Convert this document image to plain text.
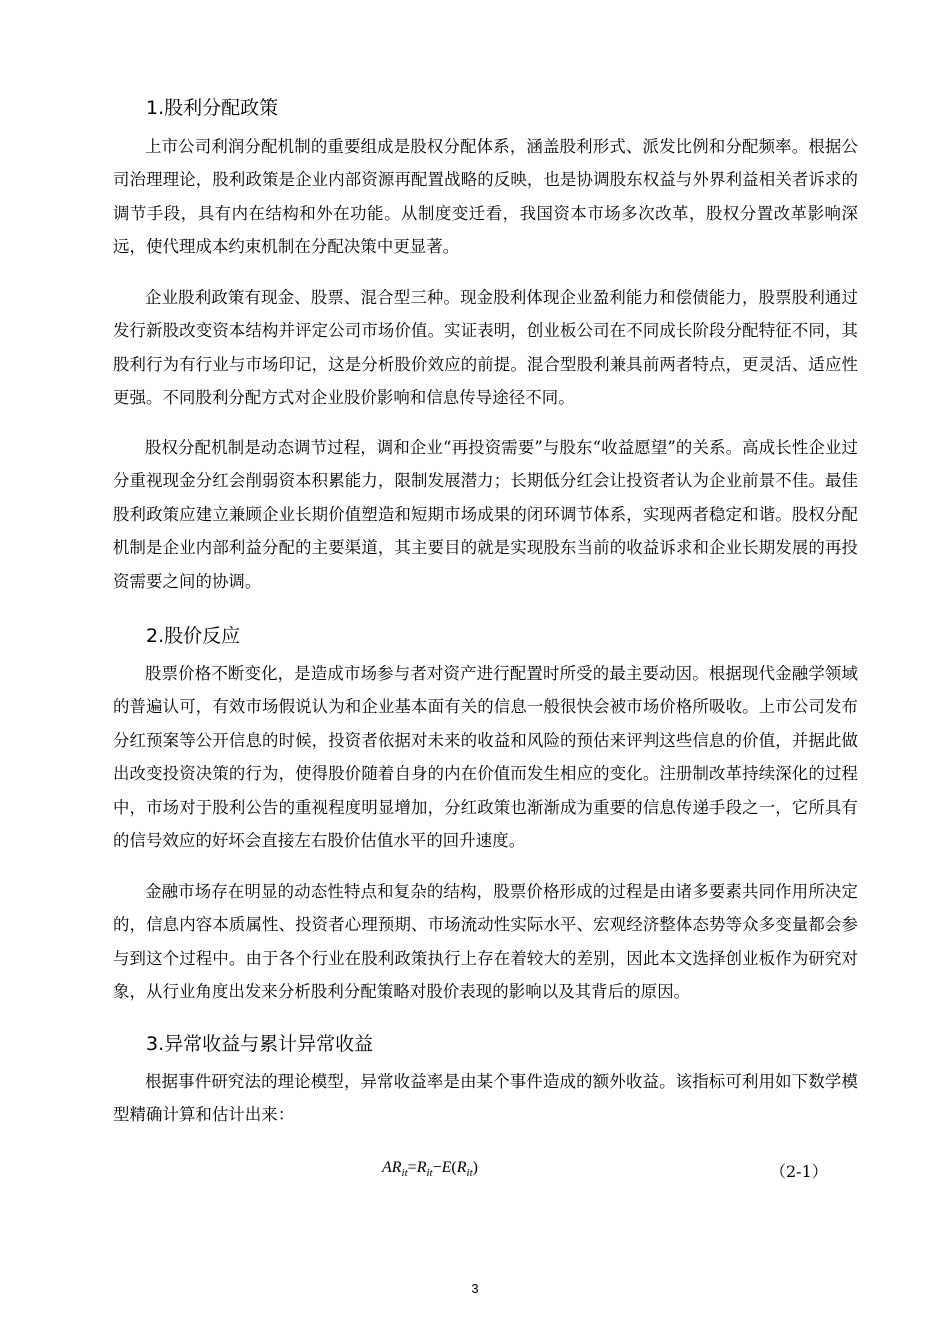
1.股利分配政策

上市公司利润分配机制的重要组成是股权分配体系，涵盖股利形式、派发比例和分配频率。根据公司治理理论，股利政策是企业内部资源再配置战略的反映，也是协调股东权益与外界利益相关者诉求的调节手段，具有内在结构和外在功能。从制度变迁看，我国资本市场多次改革，股权分置改革影响深远，使代理成本约束机制在分配决策中更显著。

企业股利政策有现金、股票、混合型三种。现金股利体现企业盈利能力和偿债能力，股票股利通过发行新股改变资本结构并评定公司市场价值。实证表明，创业板公司在不同成长阶段分配特征不同，其股利行为有行业与市场印记，这是分析股价效应的前提。混合型股利兼具前两者特点，更灵活、适应性更强。不同股利分配方式对企业股价影响和信息传导途径不同。

股权分配机制是动态调节过程，调和企业“再投资需要”与股东“收益愿望”的关系。高成长性企业过分重视现金分红会削弱资本积累能力，限制发展潜力；长期低分红会让投资者认为企业前景不佳。最佳股利政策应建立兼顾企业长期价值塑造和短期市场成果的闭环调节体系，实现两者稳定和谐。股权分配机制是企业内部利益分配的主要渠道，其主要目的就是实现股东当前的收益诉求和企业长期发展的再投资需要之间的协调。

2.股价反应

股票价格不断变化，是造成市场参与者对资产进行配置时所受的最主要动因。根据现代金融学领域的普遍认可，有效市场假说认为和企业基本面有关的信息一般很快会被市场价格所吸收。上市公司发布分红预案等公开信息的时候，投资者依据对未来的收益和风险的预估来评判这些信息的价值，并据此做出改变投资决策的行为，使得股价随着自身的内在价值而发生相应的变化。注册制改革持续深化的过程中，市场对于股利公告的重视程度明显增加，分红政策也渐渐成为重要的信息传递手段之一，它所具有的信号效应的好坏会直接左右股价估值水平的回升速度。

金融市场存在明显的动态性特点和复杂的结构，股票价格形成的过程是由诸多要素共同作用所决定的，信息内容本质属性、投资者心理预期、市场流动性实际水平、宏观经济整体态势等众多变量都会参与到这个过程中。由于各个行业在股利政策执行上存在着较大的差别，因此本文选择创业板作为研究对象，从行业角度出发来分析股利分配策略对股价表现的影响以及其背后的原因。

3.异常收益与累计异常收益

根据事件研究法的理论模型，异常收益率是由某个事件造成的额外收益。该指标可利用如下数学模型精确计算和估计出来：

$AR_{it}=R_{it}-E(R_{it})$	（2-1）
3
